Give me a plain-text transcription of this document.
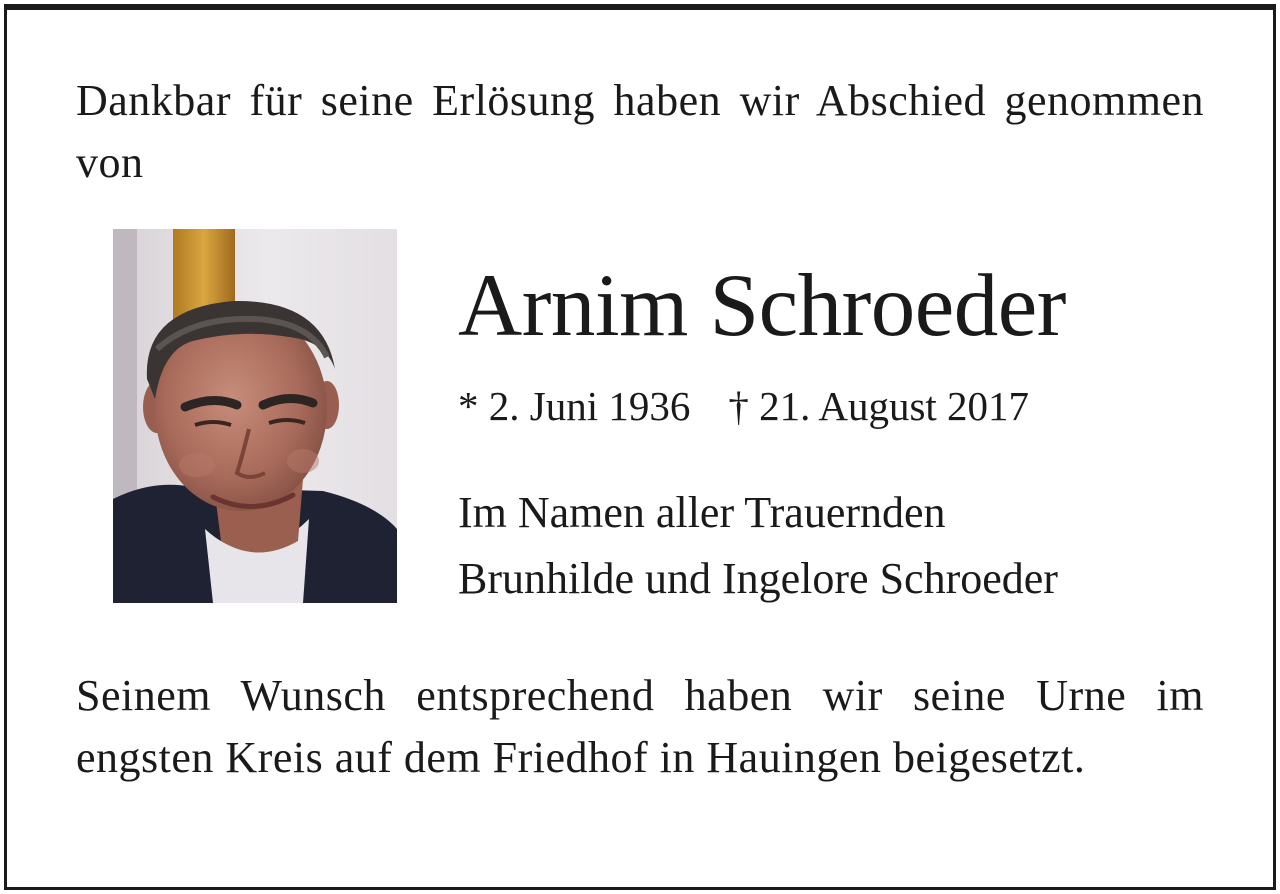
Dankbar für seine Erlösung haben wir Abschied genommen von
Arnim Schroeder
* 2. Juni 1936 † 21. August 2017
Im Namen aller Trauernden
Brunhilde und Ingelore Schroeder
Seinem Wunsch entsprechend haben wir seine Urne im engsten Kreis auf dem Friedhof in Hauingen beigesetzt.
